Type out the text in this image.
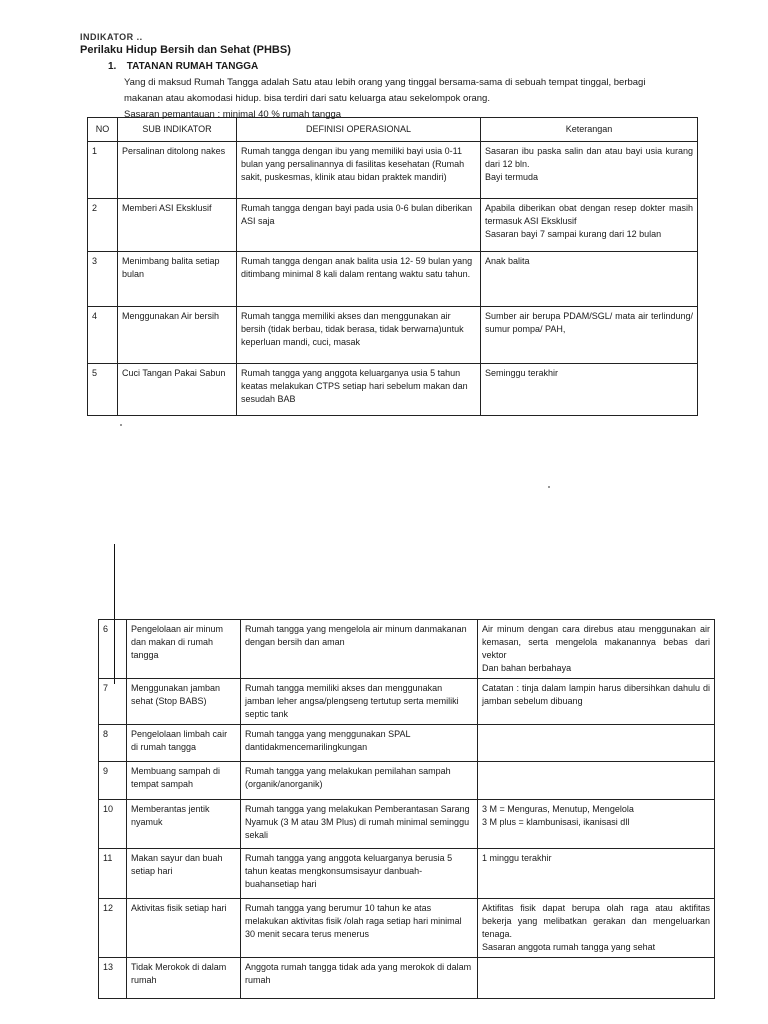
INDIKATOR ..
Perilaku Hidup Bersih dan Sehat (PHBS)
1. TATANAN RUMAH TANGGA

Yang di maksud Rumah Tangga adalah Satu atau lebih orang yang tinggal bersama-sama di sebuah tempat tinggal, berbagi

makanan atau akomodasi hidup. bisa terdiri dari satu keluarga atau sekelompok orang.

Sasaran pemantauan : minimal 40 % rumah tangga

NO	SUB INDIKATOR	DEFINISI OPERASIONAL	Keterangan
1	Persalinan ditolong nakes	Rumah tangga dengan ibu yang memiliki bayi usia 0-11 bulan yang persalinannya di fasilitas kesehatan (Rumah sakit, puskesmas, klinik atau bidan praktek mandiri)	Sasaran ibu paska salin dan atau bayi usia kurang dari 12 bln.
Bayi termuda

2	Memberi ASI Eksklusif	Rumah tangga dengan bayi pada usia 0-6 bulan diberikan ASI saja	Apabila diberikan obat dengan resep dokter masih termasuk ASI Eksklusif
Sasaran bayi 7 sampai kurang dari 12 bulan

3	Menimbang balita setiap bulan	Rumah tangga dengan anak balita usia 12- 59 bulan yang ditimbang minimal 8 kali dalam rentang waktu satu tahun.	Anak balita

4	Menggunakan Air bersih	Rumah tangga memiliki akses dan menggunakan air bersih (tidak berbau, tidak berasa, tidak berwarna)untuk keperluan mandi, cuci, masak	Sumber air berupa PDAM/SGL/ mata air terlindung/ sumur pompa/ PAH,

5	Cuci Tangan Pakai Sabun	Rumah tangga yang anggota keluarganya usia 5 tahun keatas melakukan CTPS setiap hari sebelum makan dan sesudah BAB	Seminggu terakhir
6	Pengelolaan air minum dan makan di rumah tangga	Rumah tangga yang mengelola air minum danmakanan dengan bersih dan aman	Air minum dengan cara direbus atau menggunakan air kemasan, serta mengelola makanannya bebas dari vektor
Dan bahan berbahaya

7	Menggunakan jamban sehat (Stop BABS)	Rumah tangga memiliki akses dan menggunakan jamban leher angsa/plengseng tertutup serta memiliki septic tank	Catatan : tinja dalam lampin harus dibersihkan dahulu di jamban sebelum dibuang

8	Pengelolaan limbah cair di rumah tangga	Rumah tangga yang menggunakan SPAL dantidakmencemarilingkungan	
9	Membuang sampah di tempat sampah	Rumah tangga yang melakukan pemilahan sampah (organik/anorganik)	
10	Memberantas jentik nyamuk	Rumah tangga yang melakukan Pemberantasan Sarang Nyamuk (3 M atau 3M Plus) di rumah minimal seminggu sekali	3 M = Menguras, Menutup, Mengelola
3 M plus = klambunisasi, ikanisasi dll

11	Makan sayur dan buah setiap hari	Rumah tangga yang anggota keluarganya berusia 5 tahun keatas mengkonsumsisayur danbuah-buahansetiap hari	1 minggu terakhir

12	Aktivitas fisik setiap hari	Rumah tangga yang berumur 10 tahun ke atas melakukan aktivitas fisik /olah raga setiap hari minimal 30 menit secara terus menerus	Aktifitas fisik dapat berupa olah raga atau aktifitas bekerja yang melibatkan gerakan dan mengeluarkan tenaga.
Sasaran anggota rumah tangga yang sehat

13	Tidak Merokok di dalam rumah	Anggota rumah tangga tidak ada yang merokok di dalam rumah	
